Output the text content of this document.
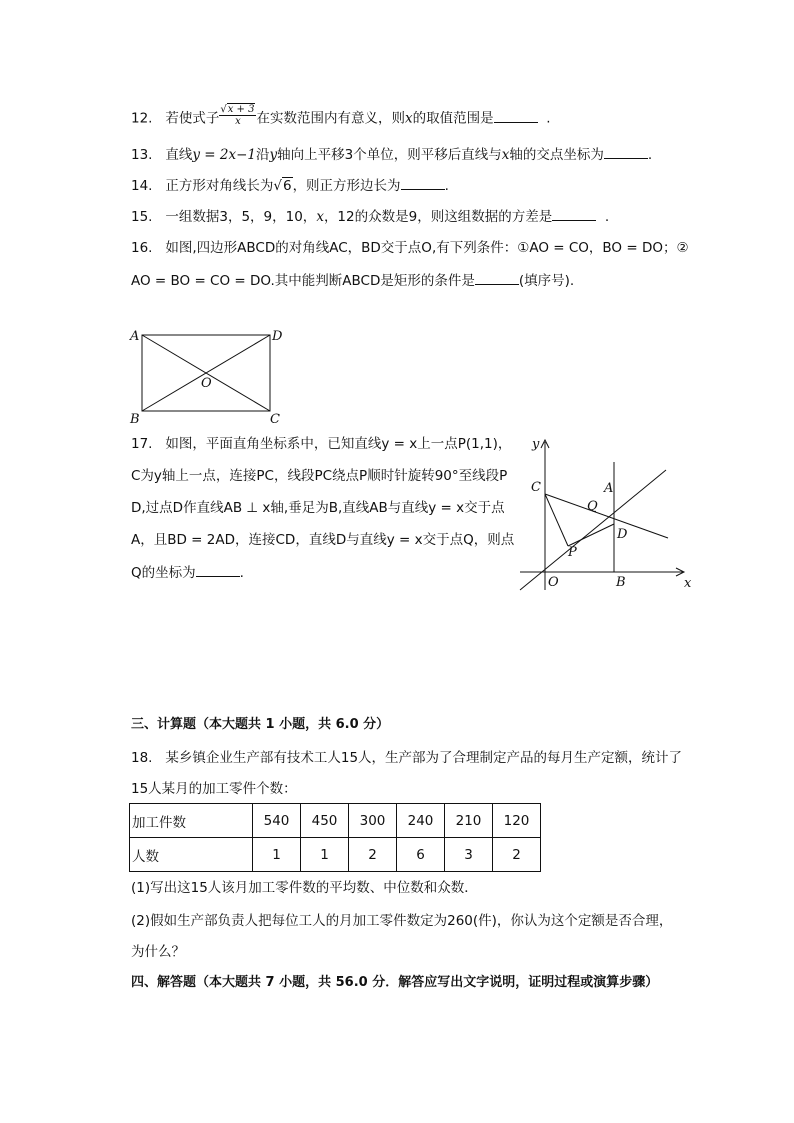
12. 若使式子 $\frac{√x + 3}{x}$ 在实数范围内有意义，则x的取值范围是	.
13. 直线y = 2x−1沿y轴向上平移3个单位，则平移后直线与x轴的交点坐标为	.
14. 正方形对角线长为√6，则正方形边长为	.
15. 一组数据3，5，9，10，x，12的众数是9，则这组数据的方差是	.
16. 如图,四边形ABCD的对角线AC，BD交于点O,有下列条件：①AO = CO，BO = DO；②
AO = BO = CO = DO.其中能判断ABCD是矩形的条件是	(填序号).
A	D
B	C
O
17. 如图，平面直角坐标系中，已知直线y = x上一点P(1,1)，
C为y轴上一点，连接PC，线段PC绕点P顺时针旋转90°至线段P
D,过点D作直线AB ⊥ x轴,垂足为B,直线AB与直线y = x交于点
A，且BD = 2AD，连接CD，直线D与直线y = x交于点Q，则点
Q的坐标为	.
y
x
C	A
Q
D
P
O	B
三、计算题（本大题共 1 小题，共 6.0 分）
18. 某乡镇企业生产部有技术工人15人，生产部为了合理制定产品的每月生产定额，统计了
15人某月的加工零件个数：
加工件数	540	450	300	240	210	120
人数	1	1	2	6	3	2
(1)写出这15人该月加工零件数的平均数、中位数和众数．
(2)假如生产部负责人把每位工人的月加工零件数定为260(件)，你认为这个定额是否合理，
为什么？
四、解答题（本大题共 7 小题，共 56.0 分．解答应写出文字说明，证明过程或演算步骤）
